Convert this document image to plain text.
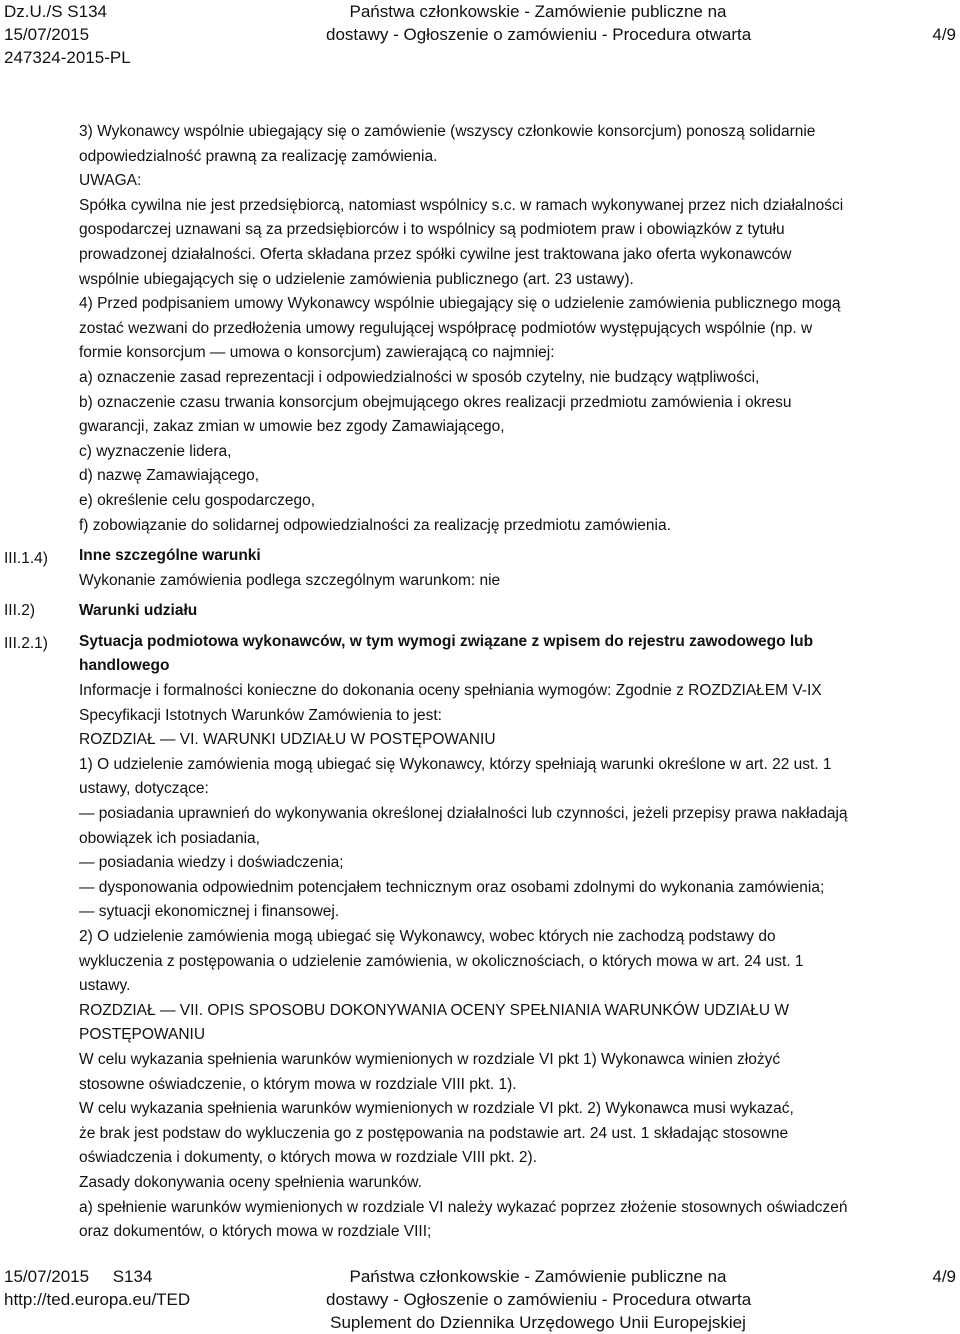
Dz.U./S S134
15/07/2015
247324-2015-PL
Państwa członkowskie - Zamówienie publiczne na
dostawy - Ogłoszenie o zamówieniu - Procedura otwarta	4/9
III.1.4)
III.2)
III.2.1)

3) Wykonawcy wspólnie ubiegający się o zamówienie (wszyscy członkowie konsorcjum) ponoszą solidarnie

odpowiedzialność prawną za realizację zamówienia.

UWAGA:

Spółka cywilna nie jest przedsiębiorcą, natomiast wspólnicy s.c. w ramach wykonywanej przez nich działalności

gospodarczej uznawani są za przedsiębiorców i to wspólnicy są podmiotem praw i obowiązków z tytułu

prowadzonej działalności. Oferta składana przez spółki cywilne jest traktowana jako oferta wykonawców

wspólnie ubiegających się o udzielenie zamówienia publicznego (art. 23 ustawy).

4) Przed podpisaniem umowy Wykonawcy wspólnie ubiegający się o udzielenie zamówienia publicznego mogą

zostać wezwani do przedłożenia umowy regulującej współpracę podmiotów występujących wspólnie (np. w

formie konsorcjum — umowa o konsorcjum) zawierającą co najmniej:

a) oznaczenie zasad reprezentacji i odpowiedzialności w sposób czytelny, nie budzący wątpliwości,

b) oznaczenie czasu trwania konsorcjum obejmującego okres realizacji przedmiotu zamówienia i okresu

gwarancji, zakaz zmian w umowie bez zgody Zamawiającego,

c) wyznaczenie lidera,

d) nazwę Zamawiającego,

e) określenie celu gospodarczego,

f) zobowiązanie do solidarnej odpowiedzialności za realizację przedmiotu zamówienia.

Inne szczególne warunki

Wykonanie zamówienia podlega szczególnym warunkom: nie

Warunki udziału

Sytuacja podmiotowa wykonawców, w tym wymogi związane z wpisem do rejestru zawodowego lub

handlowego

Informacje i formalności konieczne do dokonania oceny spełniania wymogów: Zgodnie z ROZDZIAŁEM V-IX

Specyfikacji Istotnych Warunków Zamówienia to jest:

ROZDZIAŁ — VI. WARUNKI UDZIAŁU W POSTĘPOWANIU

1) O udzielenie zamówienia mogą ubiegać się Wykonawcy, którzy spełniają warunki określone w art. 22 ust. 1

ustawy, dotyczące:

— posiadania uprawnień do wykonywania określonej działalności lub czynności, jeżeli przepisy prawa nakładają

obowiązek ich posiadania,

— posiadania wiedzy i doświadczenia;

— dysponowania odpowiednim potencjałem technicznym oraz osobami zdolnymi do wykonania zamówienia;

— sytuacji ekonomicznej i finansowej.

2) O udzielenie zamówienia mogą ubiegać się Wykonawcy, wobec których nie zachodzą podstawy do

wykluczenia z postępowania o udzielenie zamówienia, w okolicznościach, o których mowa w art. 24 ust. 1

ustawy.

ROZDZIAŁ — VII. OPIS SPOSOBU DOKONYWANIA OCENY SPEŁNIANIA WARUNKÓW UDZIAŁU W

POSTĘPOWANIU

W celu wykazania spełnienia warunków wymienionych w rozdziale VI pkt 1) Wykonawca winien złożyć

stosowne oświadczenie, o którym mowa w rozdziale VIII pkt. 1).

W celu wykazania spełnienia warunków wymienionych w rozdziale VI pkt. 2) Wykonawca musi wykazać,

że brak jest podstaw do wykluczenia go z postępowania na podstawie art. 24 ust. 1 składając stosowne

oświadczenia i dokumenty, o których mowa w rozdziale VIII pkt. 2).

Zasady dokonywania oceny spełnienia warunków.

a) spełnienie warunków wymienionych w rozdziale VI należy wykazać poprzez złożenie stosownych oświadczeń

oraz dokumentów, o których mowa w rozdziale VIII;

15/07/2015     S134
http://ted.europa.eu/TED
Państwa członkowskie - Zamówienie publiczne na
dostawy - Ogłoszenie o zamówieniu - Procedura otwarta
Suplement do Dziennika Urzędowego Unii Europejskiej
4/9
